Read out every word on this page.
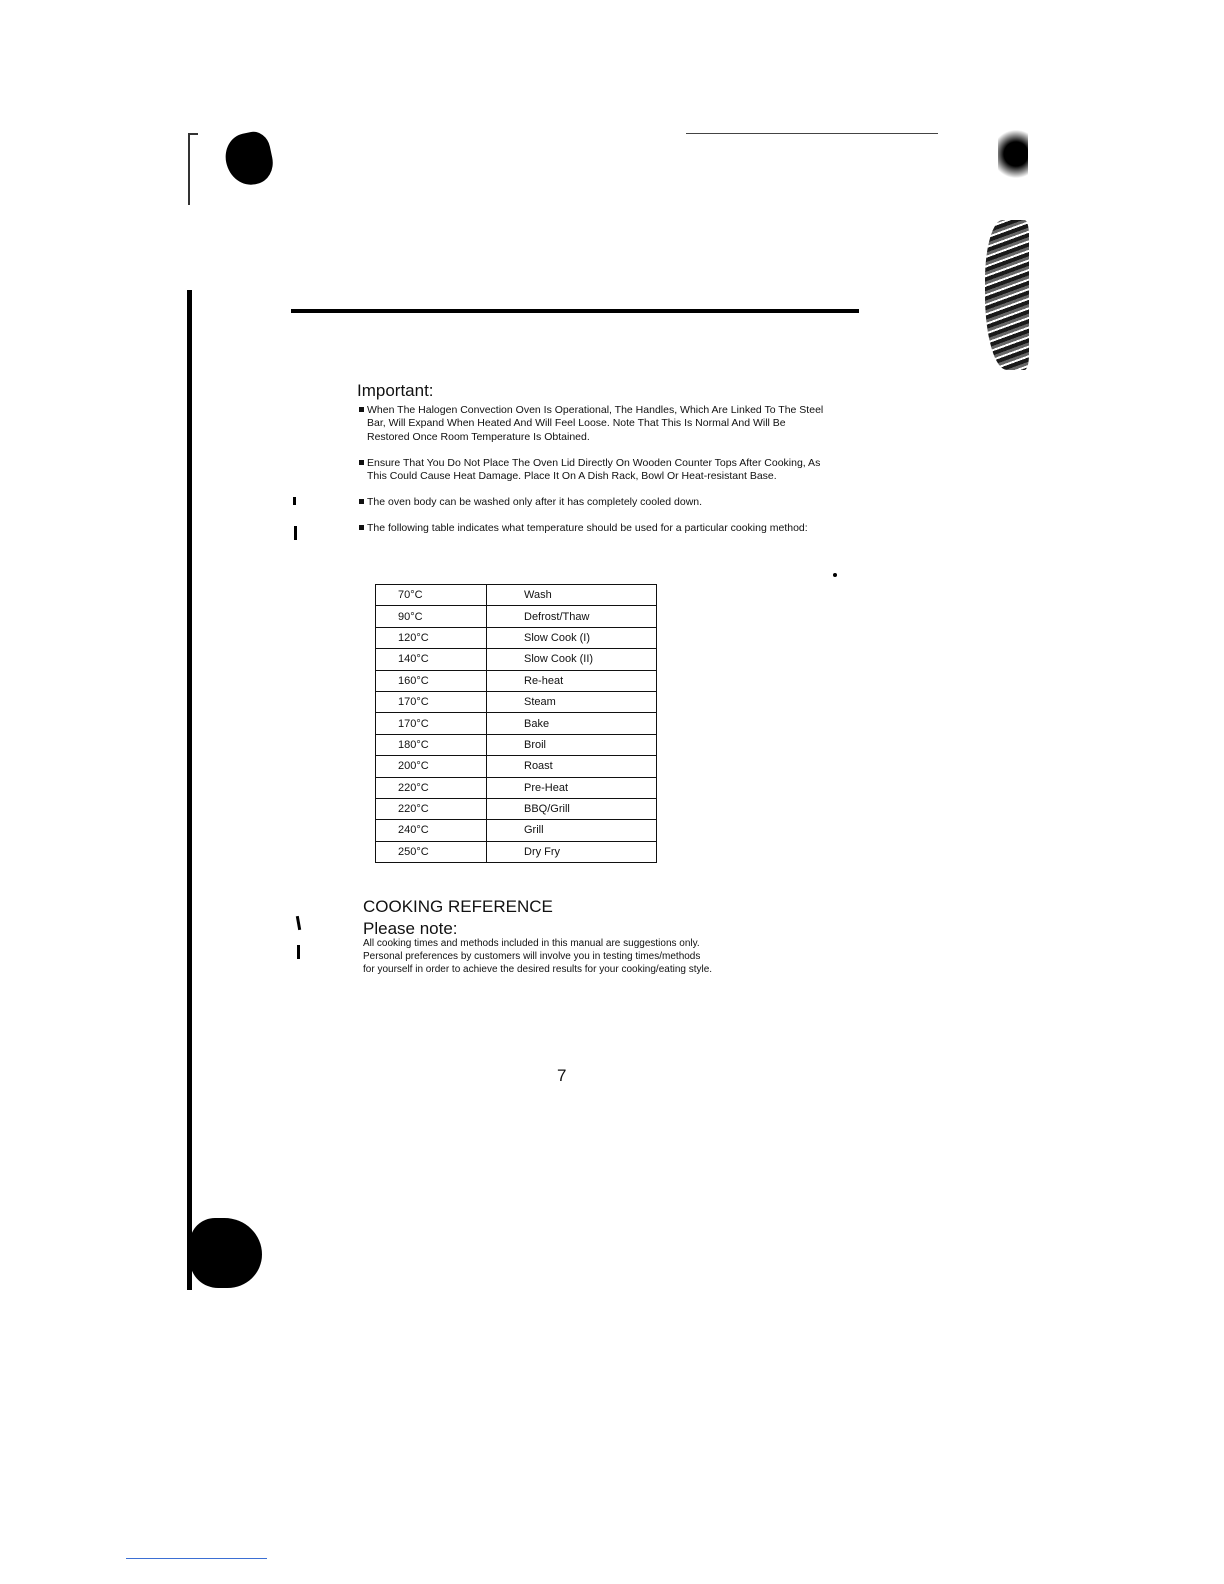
Important:
When The Halogen Convection Oven Is Operational, The Handles, Which Are Linked To The Steel Bar, Will Expand When Heated And Will Feel Loose. Note That This Is Normal And Will Be Restored Once Room Temperature Is Obtained.
Ensure That You Do Not Place The Oven Lid Directly On Wooden Counter Tops After Cooking, As This Could Cause Heat Damage. Place It On A Dish Rack, Bowl Or Heat-resistant Base.
The oven body can be washed only after it has completely cooled down.
The following table indicates what temperature should be used for a particular cooking method:
70°C	Wash
90°C	Defrost/Thaw
120°C	Slow Cook (I)
140°C	Slow Cook (II)
160°C	Re-heat
170°C	Steam
170°C	Bake
180°C	Broil
200°C	Roast
220°C	Pre-Heat
220°C	BBQ/Grill
240°C	Grill
250°C	Dry Fry
COOKING REFERENCE
Please note:
All cooking times and methods included in this manual are suggestions only.
Personal preferences by customers will involve you in testing times/methods
for yourself in order to achieve the desired results for your cooking/eating style.
7
